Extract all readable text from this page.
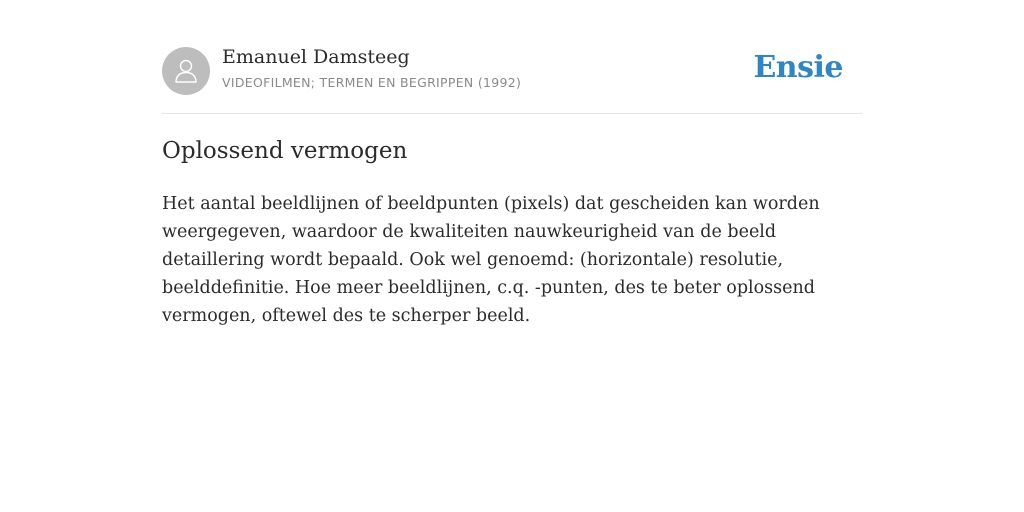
Emanuel Damsteeg
VIDEOFILMEN; TERMEN EN BEGRIPPEN (1992)	Ensie
Oplossend vermogen

Het aantal beeldlijnen of beeldpunten (pixels) dat gescheiden kan worden weergegeven, waardoor de kwaliteiten nauwkeurigheid van de beeld detaillering wordt bepaald. Ook wel genoemd: (horizontale) resolutie, beelddefinitie. Hoe meer beeldlijnen, c.q. -punten, des te beter oplossend vermogen, oftewel des te scherper beeld.
